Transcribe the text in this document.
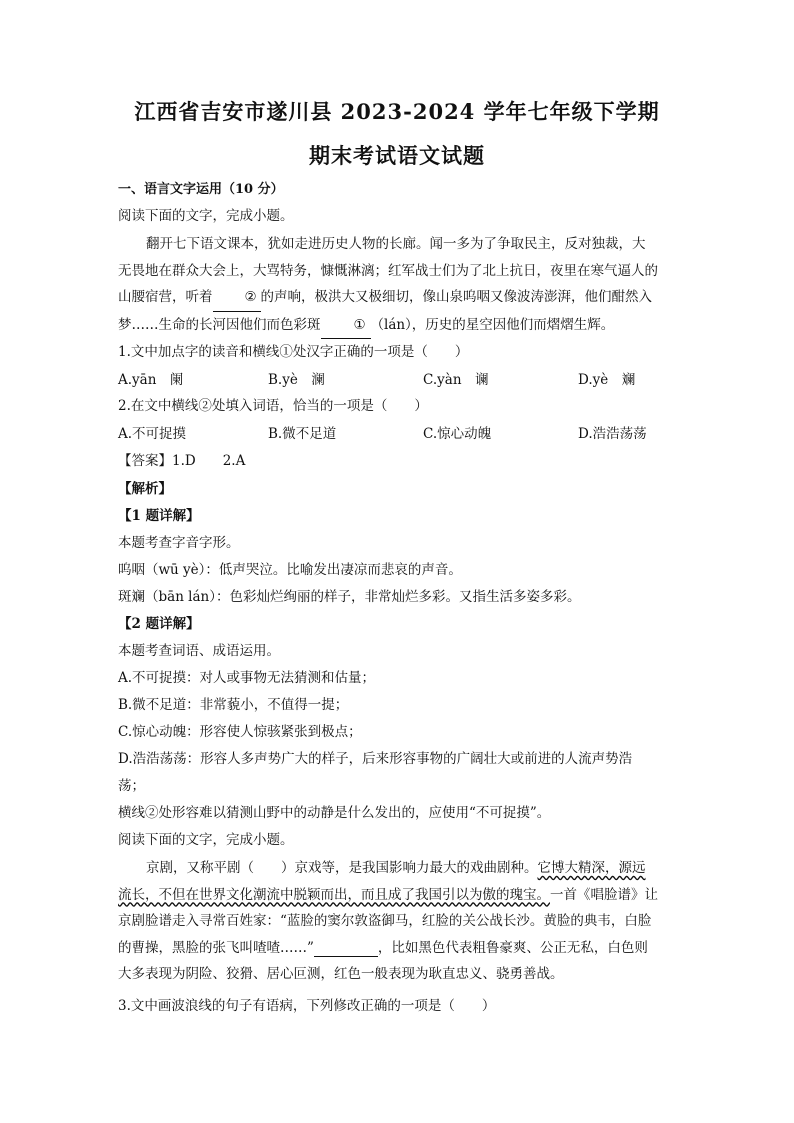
江西省吉安市遂川县 2023-2024 学年七年级下学期
期末考试语文试题
一、语言文字运用（10 分）
阅读下面的文字，完成小题。
翻开七下语文课本，犹如走进历史人物的长廊。闻一多为了争取民主，反对独裁，大无畏地在群众大会上，大骂特务，慷慨淋漓；红军战士们为了北上抗日，夜里在寒气逼人的山腰宿营，听着 ② 的声响，极洪大又极细切，像山泉呜咽又像波涛澎湃，他们酣然入梦……生命的长河因他们而色彩斑 ① （lán），历史的星空因他们而熠熠生辉。
1.文中加点字的读音和横线①处汉字正确的一项是（　　）
A.yān　阑	B.yè　澜	C.yàn　谰	D.yè　斓
2.在文中横线②处填入词语，恰当的一项是（　　）
A.不可捉摸	B.微不足道	C.惊心动魄	D.浩浩荡荡
【答案】1.D　　2.A
【解析】
【1 题详解】
本题考查字音字形。
呜咽（wū yè）：低声哭泣。比喻发出凄凉而悲哀的声音。
斑斓（bān lán）：色彩灿烂绚丽的样子，非常灿烂多彩。又指生活多姿多彩。
【2 题详解】
本题考查词语、成语运用。
A.不可捉摸：对人或事物无法猜测和估量；
B.微不足道：非常藐小，不值得一提；
C.惊心动魄：形容使人惊骇紧张到极点；
D.浩浩荡荡：形容人多声势广大的样子，后来形容事物的广阔壮大或前进的人流声势浩
荡；
横线②处形容难以猜测山野中的动静是什么发出的，应使用“不可捉摸”。
阅读下面的文字，完成小题。
京剧，又称平剧（　　）京戏等，是我国影响力最大的戏曲剧种。它博大精深，源远流长，不但在世界文化潮流中脱颖而出，而且成了我国引以为傲的瑰宝。一首《唱脸谱》让京剧脸谱走入寻常百姓家：“蓝脸的窦尔敦盗御马，红脸的关公战长沙。黄脸的典韦，白脸的曹操，黑脸的张飞叫喳喳……”	，比如黑色代表粗鲁豪爽、公正无私，白色则大多表现为阴险、狡猾、居心叵测，红色一般表现为耿直忠义、骁勇善战。
3.文中画波浪线的句子有语病，下列修改正确的一项是（　　）
